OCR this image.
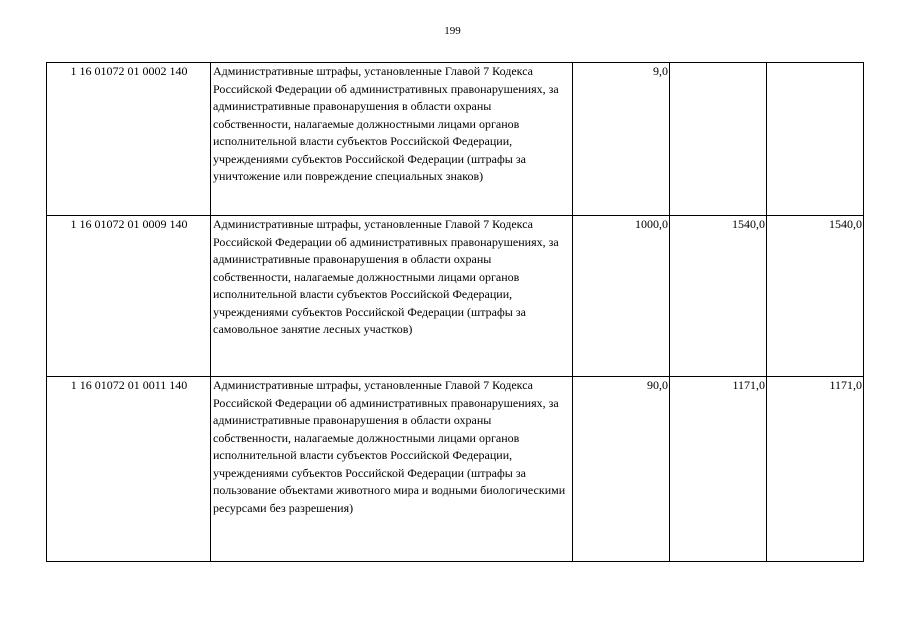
199
1 16 01072 01 0002 140	Административные штрафы, установленные Главой 7 Кодекса Российской Федерации об административных правонарушениях, за административные правонарушения в области охраны собственности, налагаемые должностными лицами органов исполнительной власти субъектов Российской Федерации, учреждениями субъектов Российской Федерации (штрафы за уничтожение или повреждение специальных знаков)	9,0		
1 16 01072 01 0009 140	Административные штрафы, установленные Главой 7 Кодекса Российской Федерации об административных правонарушениях, за административные правонарушения в области охраны собственности, налагаемые должностными лицами органов исполнительной власти субъектов Российской Федерации, учреждениями субъектов Российской Федерации (штрафы за самовольное занятие лесных участков)	1000,0	1540,0	1540,0
1 16 01072 01 0011 140	Административные штрафы, установленные Главой 7 Кодекса Российской Федерации об административных правонарушениях, за административные правонарушения в области охраны собственности, налагаемые должностными лицами органов исполнительной власти субъектов Российской Федерации, учреждениями субъектов Российской Федерации (штрафы за пользование объектами животного мира и водными биологическими ресурсами без разрешения)	90,0	1171,0	1171,0
